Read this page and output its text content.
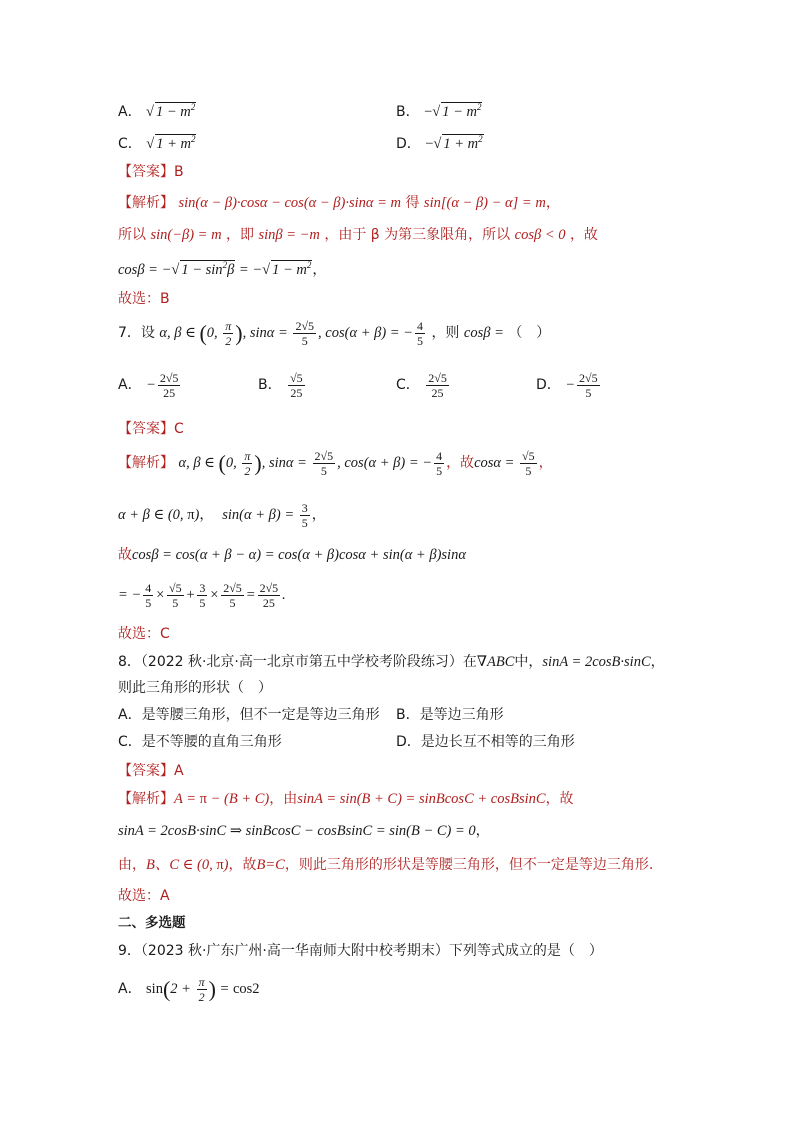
A． √ $1 - m^2$	B． − √ $1 - m^2$
C． √ $1 + m^2$	D． − √ $1 + m^2$
【答案】B
【解析】 sin(α − β)·cosα − cos(α − β)·sinα = m 得 sin[(α − β) − α] = m，
所以 sin(−β) = m ，即 sinβ = −m ，由于 β 为第三象限角，所以 cosβ < 0 ，故
cosβ = − √ $1 - \sin^2\beta$ = − √ $1 - m^2$，
故选：B
7．设 α, β ∈ (0, $\frac{\pi}{2}$ ), $\sin\alpha = \frac{2√5}{5}$ , cos(α + β) = − $\frac{4}{5}$ ，则 cosβ = （　）
A． − $\frac{2√5}{25}$	B． $\frac{√5}{25}$	C． $\frac{2√5}{25}$	D． − $\frac{2√5}{5}$
【答案】C
【解析】 α, β ∈ (0, $\frac{\pi}{2}$ ), $\sin\alpha = \frac{2√5}{5}$ , cos(α + β) = − $\frac{4}{5}$ ，故$\cos\alpha = \frac{√5}{5}$ ，
α + β ∈ (0, π)， $\sin(\alpha + \beta) = \frac{3}{5}$ ，
故cosβ = cos(α + β − α) = cos(α + β)cosα + sin(α + β)sinα
= − $\frac{4}{5} \times \frac{√5}{5} + \frac{3}{5} \times \frac{2√5}{5} = \frac{2√5}{25}$ .
故选：C
8．（2022 秋·北京·高一北京市第五中学校考阶段练习）在∇ABC中，sinA = 2cosB·sinC，
则此三角形的形状（　）
A．是等腰三角形，但不一定是等边三角形 B．是等边三角形
C．是不等腰的直角三角形	D．是边长互不相等的三角形
【答案】A
【解析】A = π − (B + C)，由sinA = sin(B + C) = sinBcosC + cosBsinC，故
sinA = 2cosB·sinC ⇒ sinBcosC − cosBsinC = sin(B − C) = 0，
由，B、C ∈ (0, π)，故B=C，则此三角形的形状是等腰三角形，但不一定是等边三角形.
故选：A
二、多选题
9．（2023 秋·广东广州·高一华南师大附中校考期末）下列等式成立的是（　）
A． $\sin(2 + \frac{\pi}{2}$ ) = cos2
